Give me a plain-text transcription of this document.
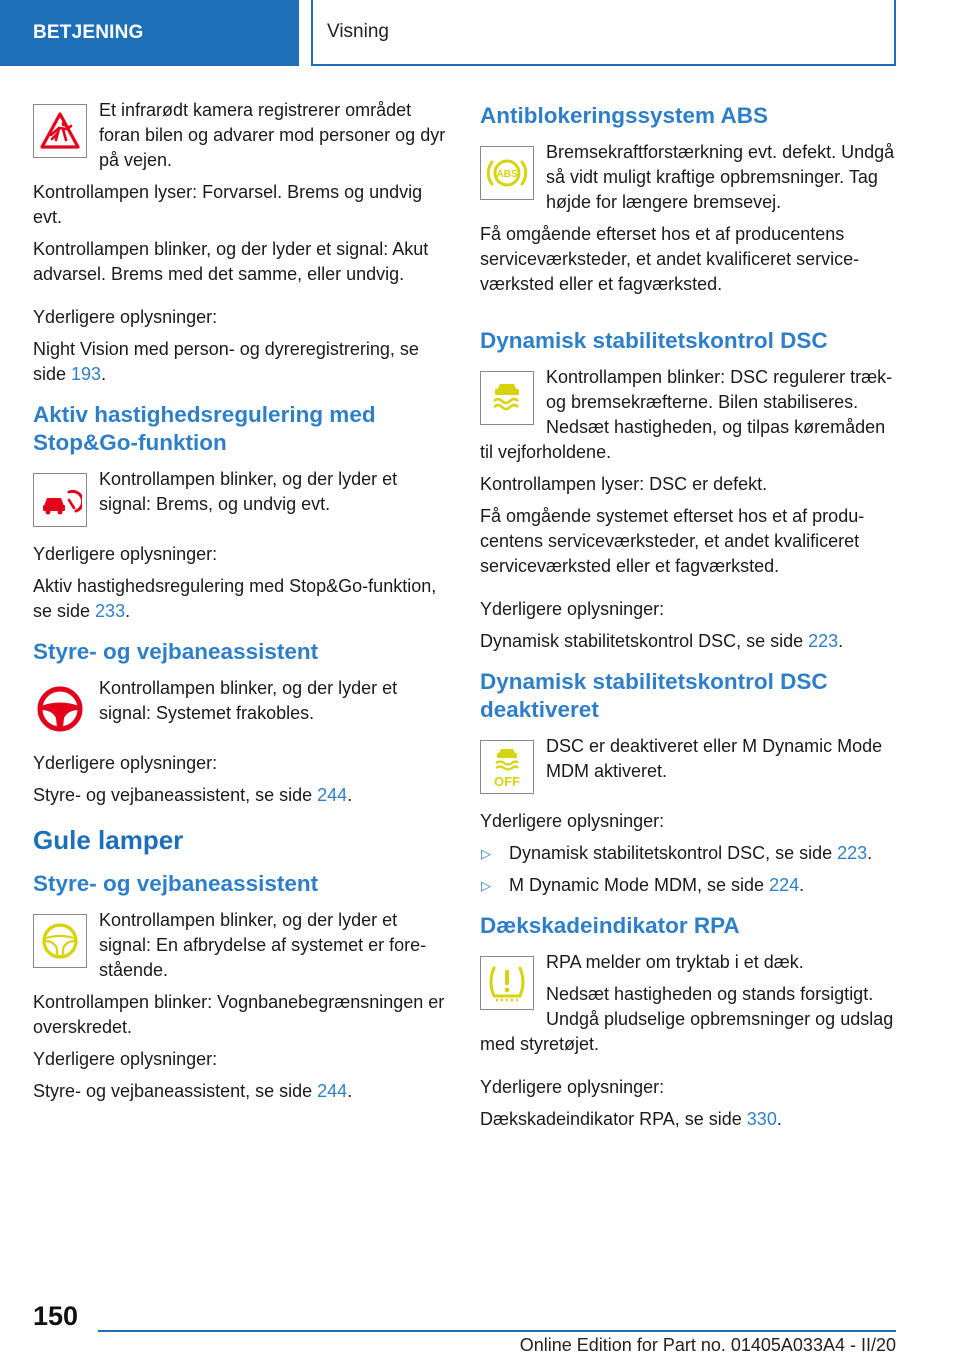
BETJENING	Visning
Et infrarødt kamera registrerer området foran bilen og advarer mod personer og dyr på vejen.

Kontrollampen lyser: Forvarsel. Brems og undvig evt.

Kontrollampen blinker, og der lyder et signal: Akut advarsel. Brems med det samme, eller undvig.

Yderligere oplysninger:

Night Vision med person- og dyreregistrering, se side 193.

Aktiv hastighedsregulering med Stop&Go-funktion
Kontrollampen blinker, og der lyder et signal: Brems, og undvig evt.

Yderligere oplysninger:

Aktiv hastighedsregulering med Stop&Go-funktion, se side 233.

Styre- og vejbaneassistent
Kontrollampen blinker, og der lyder et signal: Systemet frakobles.

Yderligere oplysninger:

Styre- og vejbaneassistent, se side 244.

Gule lamper
Styre- og vejbaneassistent
Kontrollampen blinker, og der lyder et signal: En afbrydelse af systemet er forestående.

Kontrollampen blinker: Vognbanebegrænsningen er overskredet.

Yderligere oplysninger:

Styre- og vejbaneassistent, se side 244.

Antiblokeringssystem ABS
ABS
Bremsekraftforstærkning evt. defekt. Undgå så vidt muligt kraftige opbremsninger. Tag højde for længere bremsevej.

Få omgående efterset hos et af producentens serviceværksteder, et andet kvalificeret serviceværksted eller et fagværksted.

Dynamisk stabilitetskontrol DSC
Kontrollampen blinker: DSC regulerer træk- og bremsekræfterne. Bilen stabiliseres. Nedsæt hastigheden, og tilpas køremåden til vejforholdene.

Kontrollampen lyser: DSC er defekt.

Få omgående systemet efterset hos et af producentens serviceværksteder, et andet kvalificeret serviceværksted eller et fagværksted.

Yderligere oplysninger:

Dynamisk stabilitetskontrol DSC, se side 223.

Dynamisk stabilitetskontrol DSC deaktiveret
OFF
DSC er deaktiveret eller M Dynamic Mode MDM aktiveret.

Yderligere oplysninger:

▷ Dynamisk stabilitetskontrol DSC, se side 223.
▷ M Dynamic Mode MDM, se side 224.
Dækskadeindikator RPA

RPA melder om tryktab i et dæk.

Nedsæt hastigheden og stands forsigtigt. Undgå pludselige opbremsninger og udslag med styretøjet.

Yderligere oplysninger:

Dækskadeindikator RPA, se side 330.

150
Online Edition for Part no. 01405A033A4 - II/20
